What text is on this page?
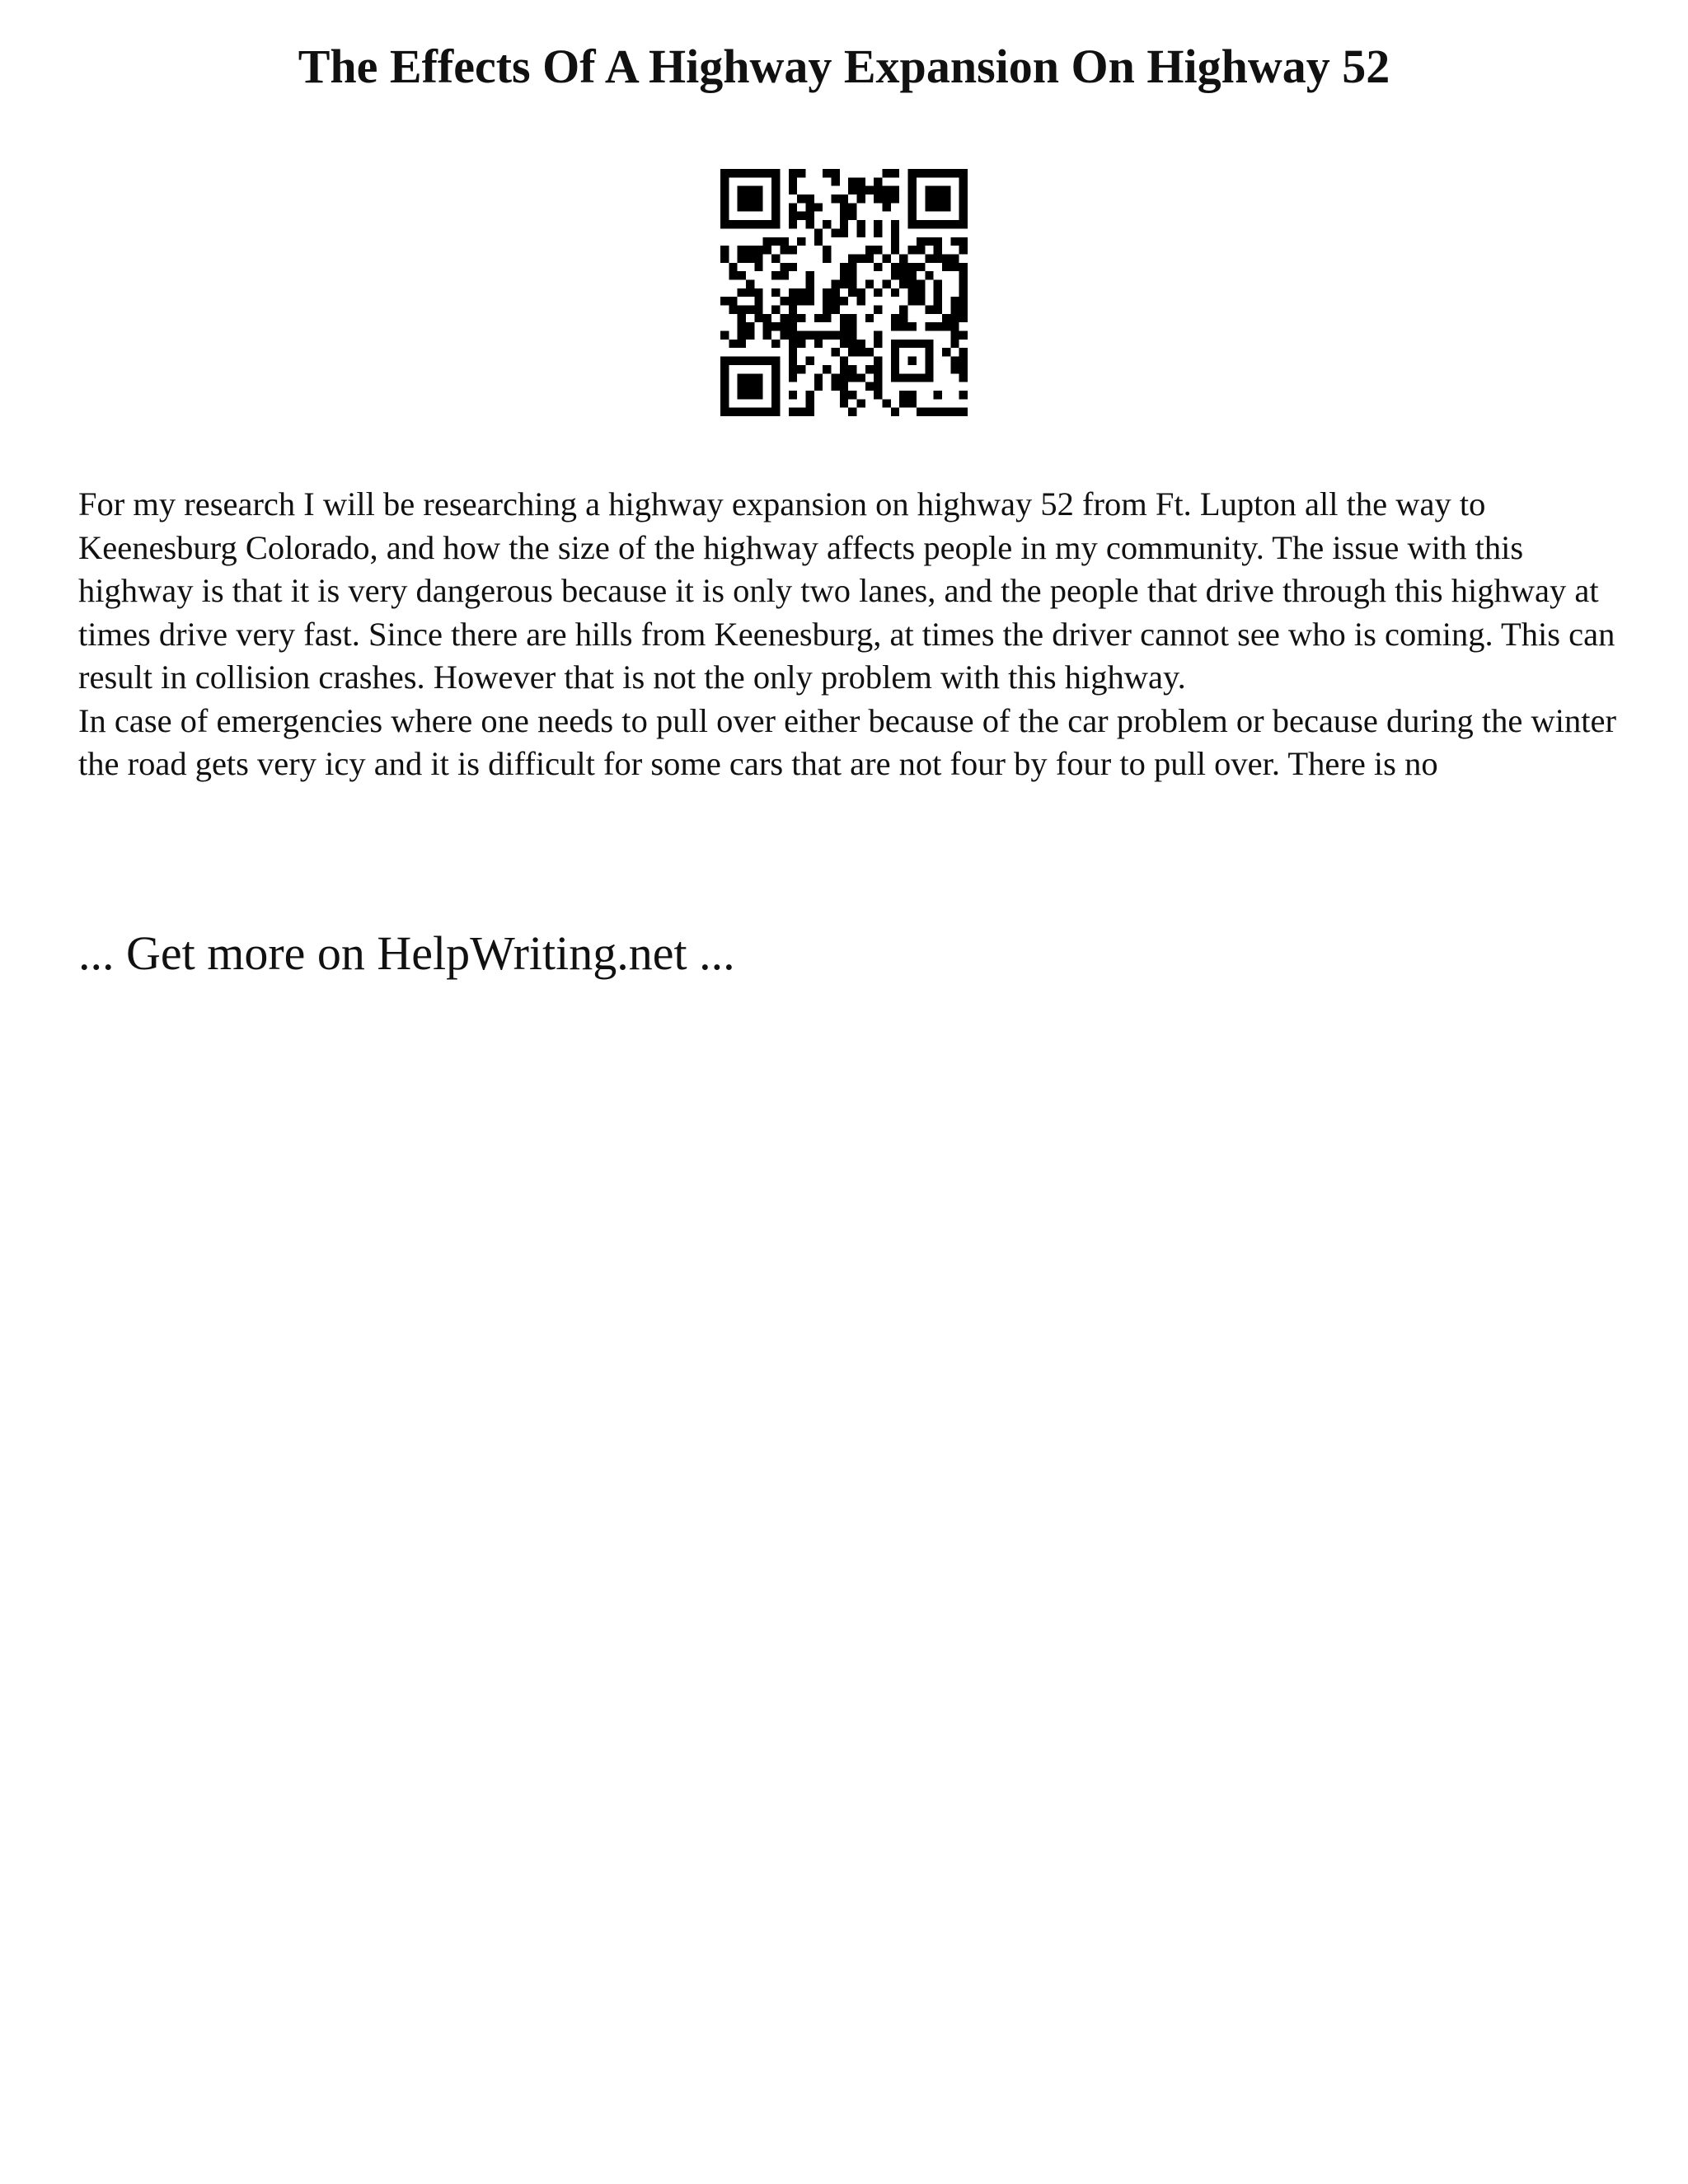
The Effects Of A Highway Expansion On Highway 52

For my research I will be researching a highway expansion on highway 52 from Ft. Lupton all the way to Keenesburg Colorado, and how the size of the highway affects people in my community. The issue with this highway is that it is very dangerous because it is only two lanes, and the people that drive through this highway at times drive very fast. Since there are hills from Keenesburg, at times the driver cannot see who is coming. This can result in collision crashes. However that is not the only problem with this highway.

In case of emergencies where one needs to pull over either because of the car problem or because during the winter the road gets very icy and it is difficult for some cars that are not four by four to pull over. There is no

... Get more on HelpWriting.net ...
